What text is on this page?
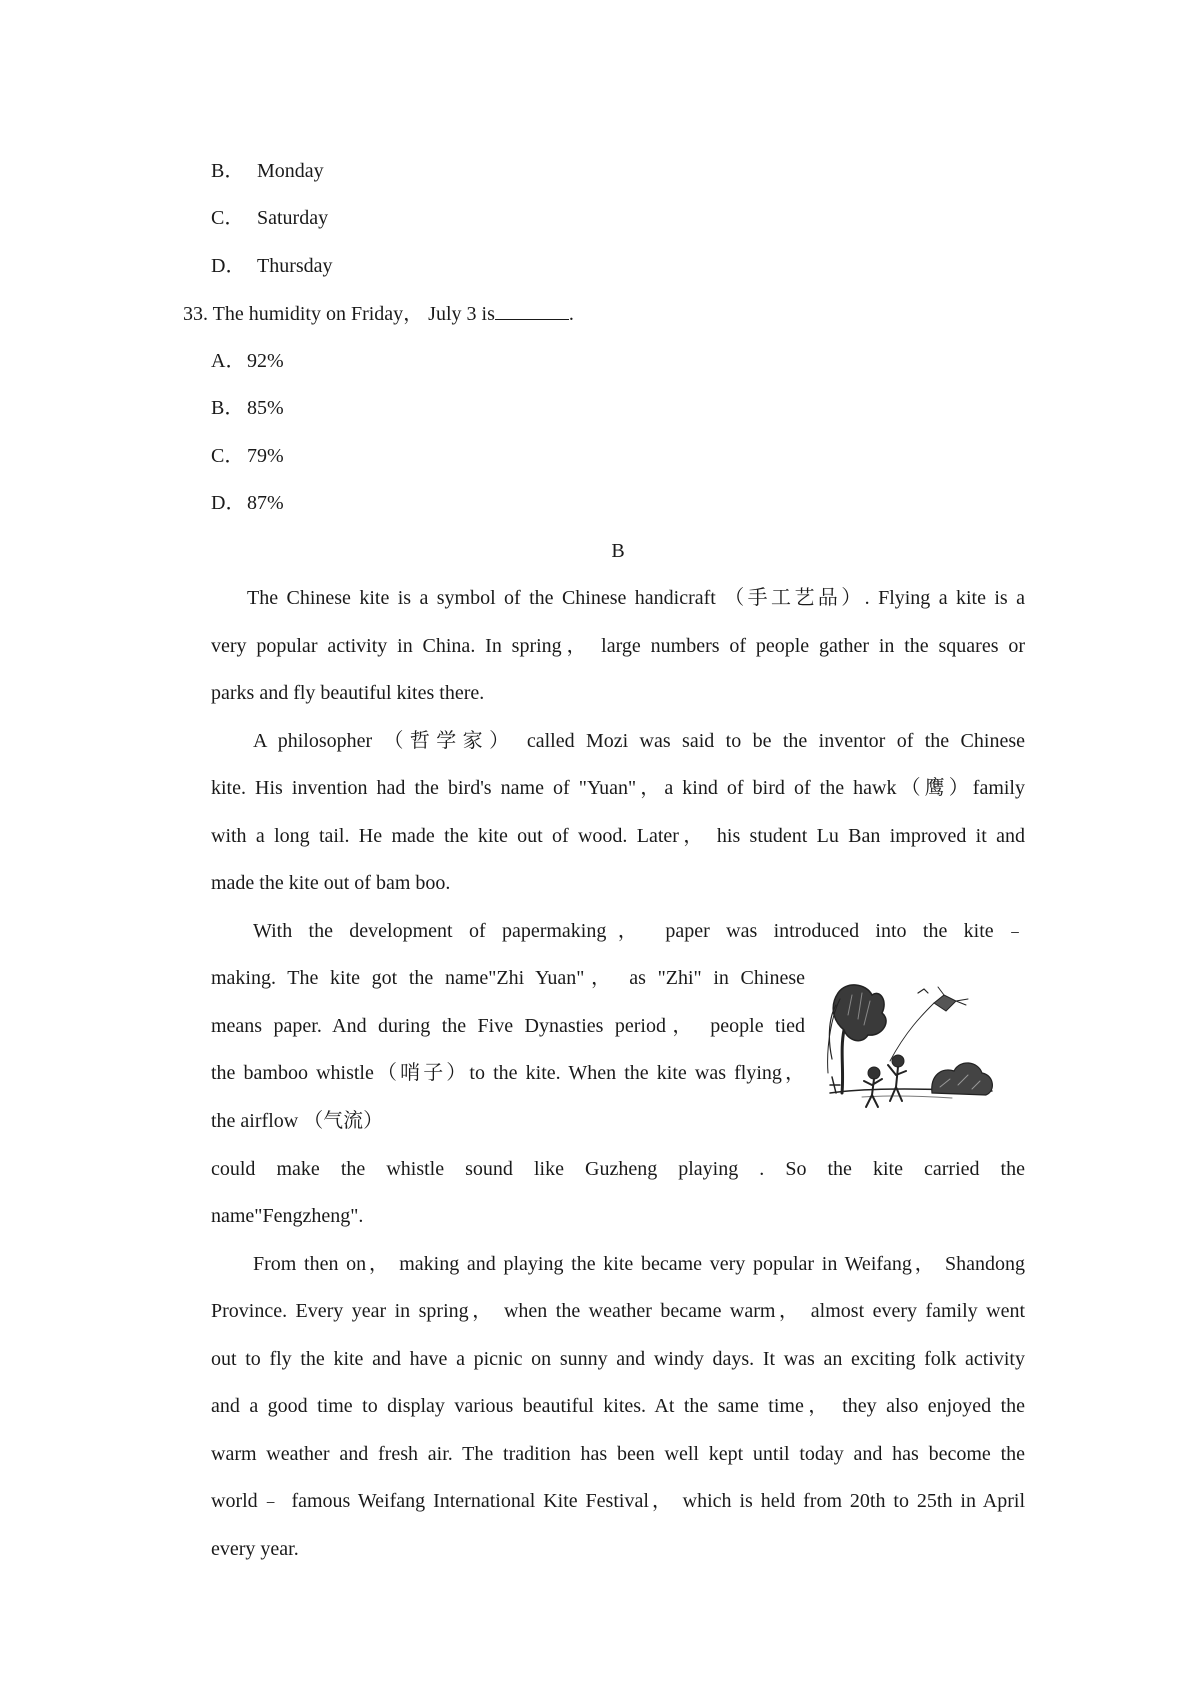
B． Monday
C． Saturday
D． Thursday
33. The humidity on Friday， July 3 is	.
A．92%
B． 85%
C． 79%
D．87%
B
The Chinese kite is a symbol of the Chinese handicraft （手工艺品）. Flying a kite is a
very popular activity in China. In spring， large numbers of people gather in the squares or
parks and fly beautiful kites there.
A philosopher （哲学家） called Mozi was said to be the inventor of the Chinese
kite. His invention had the bird's name of "Yuan"，a kind of bird of the hawk（鹰）family
with a long tail. He made the kite out of wood. Later， his student Lu Ban improved it and
made the kite out of bam boo.
With the development of papermaking， paper was introduced into the kite﹣
making. The kite got the name"Zhi Yuan"， as "Zhi" in Chinese
means paper. And during the Five Dynasties period， people tied
the bamboo whistle（哨子）to the kite. When the kite was flying，
the airflow （气流）
could make the whistle sound like Guzheng playing . So the kite carried the
name"Fengzheng".
From then on， making and playing the kite became very popular in Weifang， Shandong
Province. Every year in spring， when the weather became warm， almost every family went
out to fly the kite and have a picnic on sunny and windy days. It was an exciting folk activity
and a good time to display various beautiful kites. At the same time， they also enjoyed the
warm weather and fresh air. The tradition has been well kept until today and has become the
world﹣ famous Weifang International Kite Festival， which is held from 20th to 25th in April
every year.
